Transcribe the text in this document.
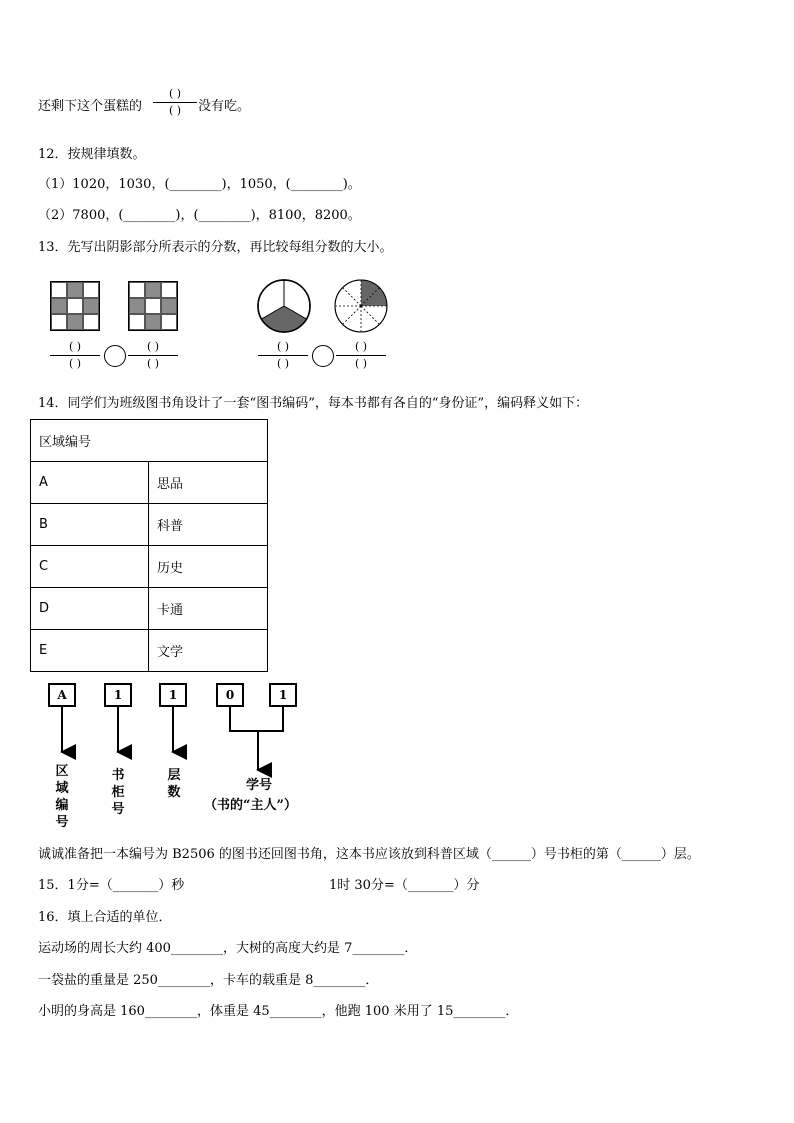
还剩下这个蛋糕的
( )
( )	没有吃。
12．按规律填数。
（1）1020，1030，(________)，1050，(________)。
（2）7800，(________)，(________)，8100，8200。
13．先写出阴影部分所表示的分数，再比较每组分数的大小。
( )
( )
( )
( )
( )
( )
( )
( )
14．同学们为班级图书角设计了一套“图书编码”，每本书都有各自的“身份证”，编码释义如下：
区域编号	
A	思品
B	科普
C	历史
D	卡通
E	文学
A	1	1	0	1
区
域
编
号
书
柜
号
层
数	学号
（书的“主人”）
诚诚准备把一本编号为 B2506 的图书还回图书角，这本书应该放到科普区域（______）号书柜的第（______）层。
15．1分=（_______）秒	1时 30分=（_______）分
16．填上合适的单位．
运动场的周长大约 400________，大树的高度大约是 7________．
一袋盐的重量是 250________，卡车的载重是 8________．
小明的身高是 160________，体重是 45________，他跑 100 米用了 15________．
